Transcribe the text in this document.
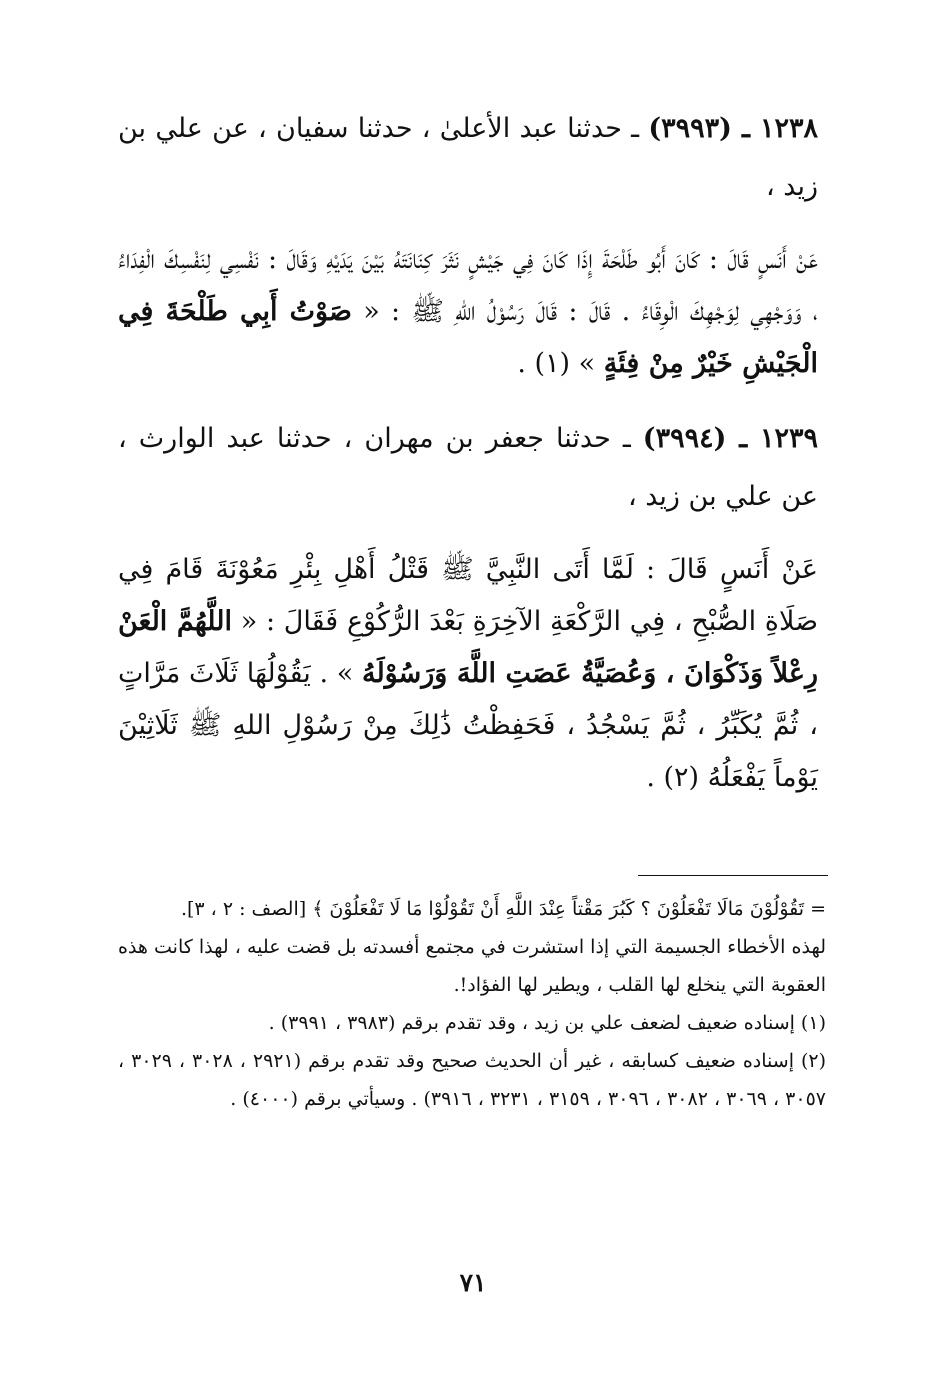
١٢٣٨ ـ (٣٩٩٣) ـ حدثنا عبد الأعلىٰ ، حدثنا سفيان ، عن علي بن زيد ،

عَنْ أَنَسٍ قَالَ : كَانَ أَبُو طَلْحَةَ إِذَا كَانَ فِي جَيْشٍ نَثَرَ كِنَانَتَهُ بَيْنَ يَدَيْهِ وَقَالَ : نَفْسِي لِنَفْسِكَ الْفِدَاءُ ، وَوَجْهِي لِوَجْهِكَ الْوِقَاءُ . قَالَ : قَالَ رَسُوْلُ اللهِ ﷺ : « صَوْتُ أَبِي طَلْحَةَ فِي الْجَيْشِ خَيْرٌ مِنْ فِئَةٍ » (١) .

١٢٣٩ ـ (٣٩٩٤) ـ حدثنا جعفر بن مهران ، حدثنا عبد الوارث ، عن علي بن زيد ،

عَنْ أَنَسٍ قَالَ : لَمَّا أَتَى النَّبِيَّ ﷺ قَتْلُ أَهْلِ بِئْرِ مَعُوْنَةَ قَامَ فِي صَلَاةِ الصُّبْحِ ، فِي الرَّكْعَةِ الآخِرَةِ بَعْدَ الرُّكُوْعِ فَقَالَ : « اللَّهُمَّ الْعَنْ رِعْلاً وَذَكْوَانَ ، وَعُصَيَّةُ عَصَتِ اللَّهَ وَرَسُوْلَهُ » . يَقُوْلُهَا ثَلَاثَ مَرَّاتٍ ، ثُمَّ يُكَبِّرُ ، ثُمَّ يَسْجُدُ ، فَحَفِظْتُ ذَٰلِكَ مِنْ رَسُوْلِ اللهِ ﷺ ثَلَاثِيْنَ يَوْماً يَفْعَلُهُ (٢) .

= تَقُوْلُوْنَ مَالَا تَفْعَلُوْنَ ؟ كَبُرَ مَقْتاً عِنْدَ اللَّهِ أَنْ تَقُوْلُوْا مَا لَا تَفْعَلُوْنَ ﴾ [الصف : ٢ ، ٣].

لهذه الأخطاء الجسيمة التي إذا استشرت في مجتمع أفسدته بل قضت عليه ، لهذا كانت هذه العقوبة التي ينخلع لها القلب ، ويطير لها الفؤاد!.

(١) إسناده ضعيف لضعف علي بن زيد ، وقد تقدم برقم (٣٩٨٣ ، ٣٩٩١) .

(٢) إسناده ضعيف كسابقه ، غير أن الحديث صحيح وقد تقدم برقم (٢٩٢١ ، ٣٠٢٨ ، ٣٠٢٩ ، ٣٠٥٧ ، ٣٠٦٩ ، ٣٠٨٢ ، ٣٠٩٦ ، ٣١٥٩ ، ٣٢٣١ ، ٣٩١٦) . وسيأتي برقم (٤٠٠٠) .

٧١
